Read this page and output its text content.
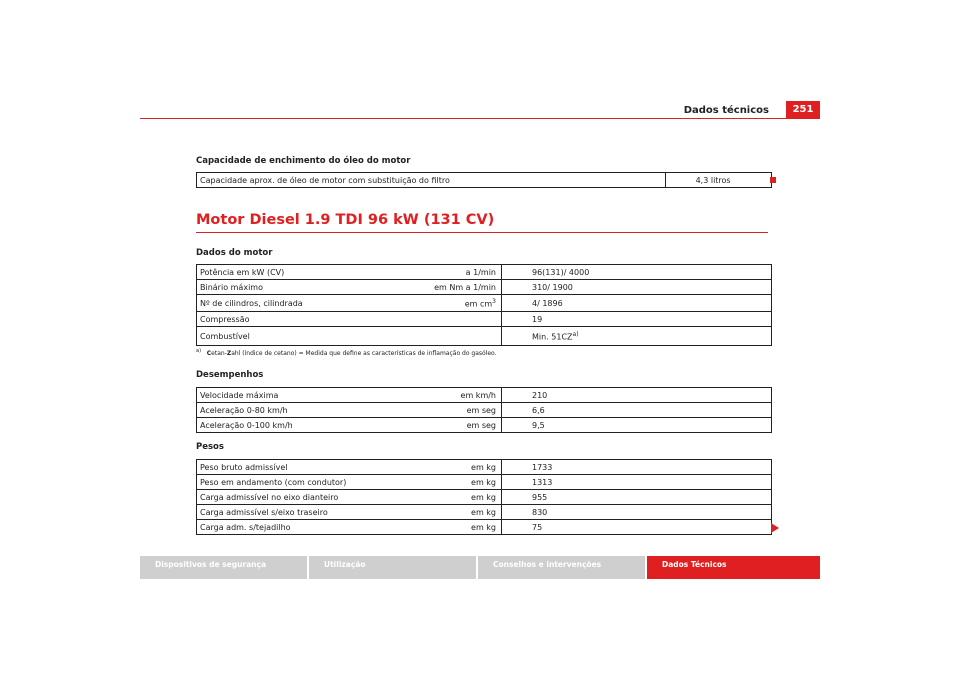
Dados técnicos	251
Capacidade de enchimento do óleo do motor
Capacidade aprox. de óleo de motor com substituição do filtro	4,3 litros
Motor Diesel 1.9 TDI 96 kW (131 CV)
Dados do motor
Potência em kW (CV)	a 1/min	96(131)/ 4000
Binário máximo	em Nm a 1/min	310/ 1900
Nº de cilindros, cilindrada	em $cm^3$	4/ 1896
Compressão		19
Combustível		Min. 51CZ$^{a)}$
$^{a)}$ Cetan-Zahl (índice de cetano) = Medida que define as características de inflamação do gasóleo.
Desempenhos
Velocidade máxima	em km/h	210
Aceleração 0-80 km/h	em seg	6,6
Aceleração 0-100 km/h	em seg	9,5
Pesos
Peso bruto admissível	em kg	1733
Peso em andamento (com condutor)	em kg	1313
Carga admissível no eixo dianteiro	em kg	955
Carga admissível s/eixo traseiro	em kg	830
Carga adm. s/tejadilho	em kg	75
Dispositivos de segurança	Utilização	Conselhos e intervenções	Dados Técnicos
